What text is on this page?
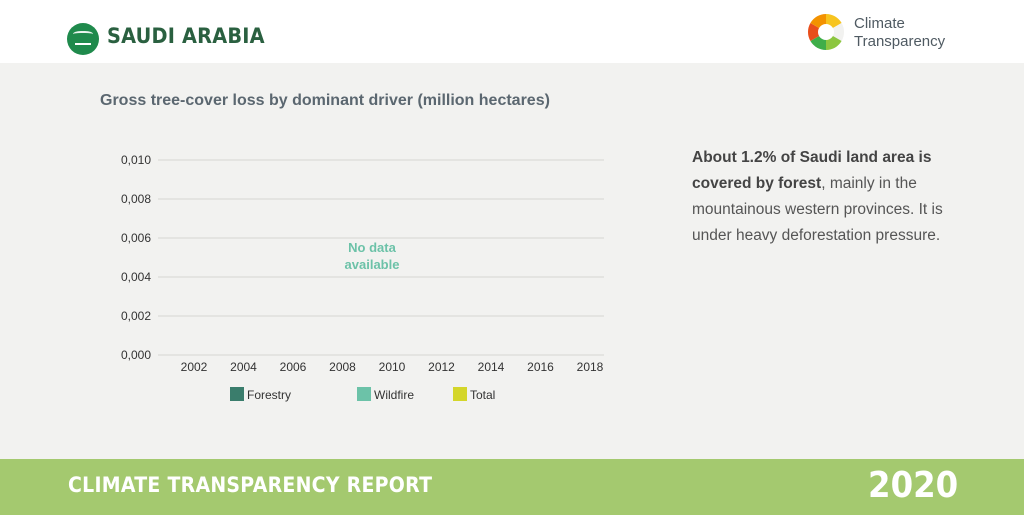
SAUDI ARABIA
Climate
Transparency
Gross tree-cover loss by dominant driver (million hectares)
0,000
0,002
0,004
0,006
0,008
0,010
2002 2004 2006 2008 2010 2012 2014 2016 2018
No data
available
Forestry	Wildfire	Total
About 1.2% of Saudi land area is covered by forest, mainly in the mountainous western provinces. It is under heavy deforestation pressure.
CLIMATE TRANSPARENCY REPORT	2020
